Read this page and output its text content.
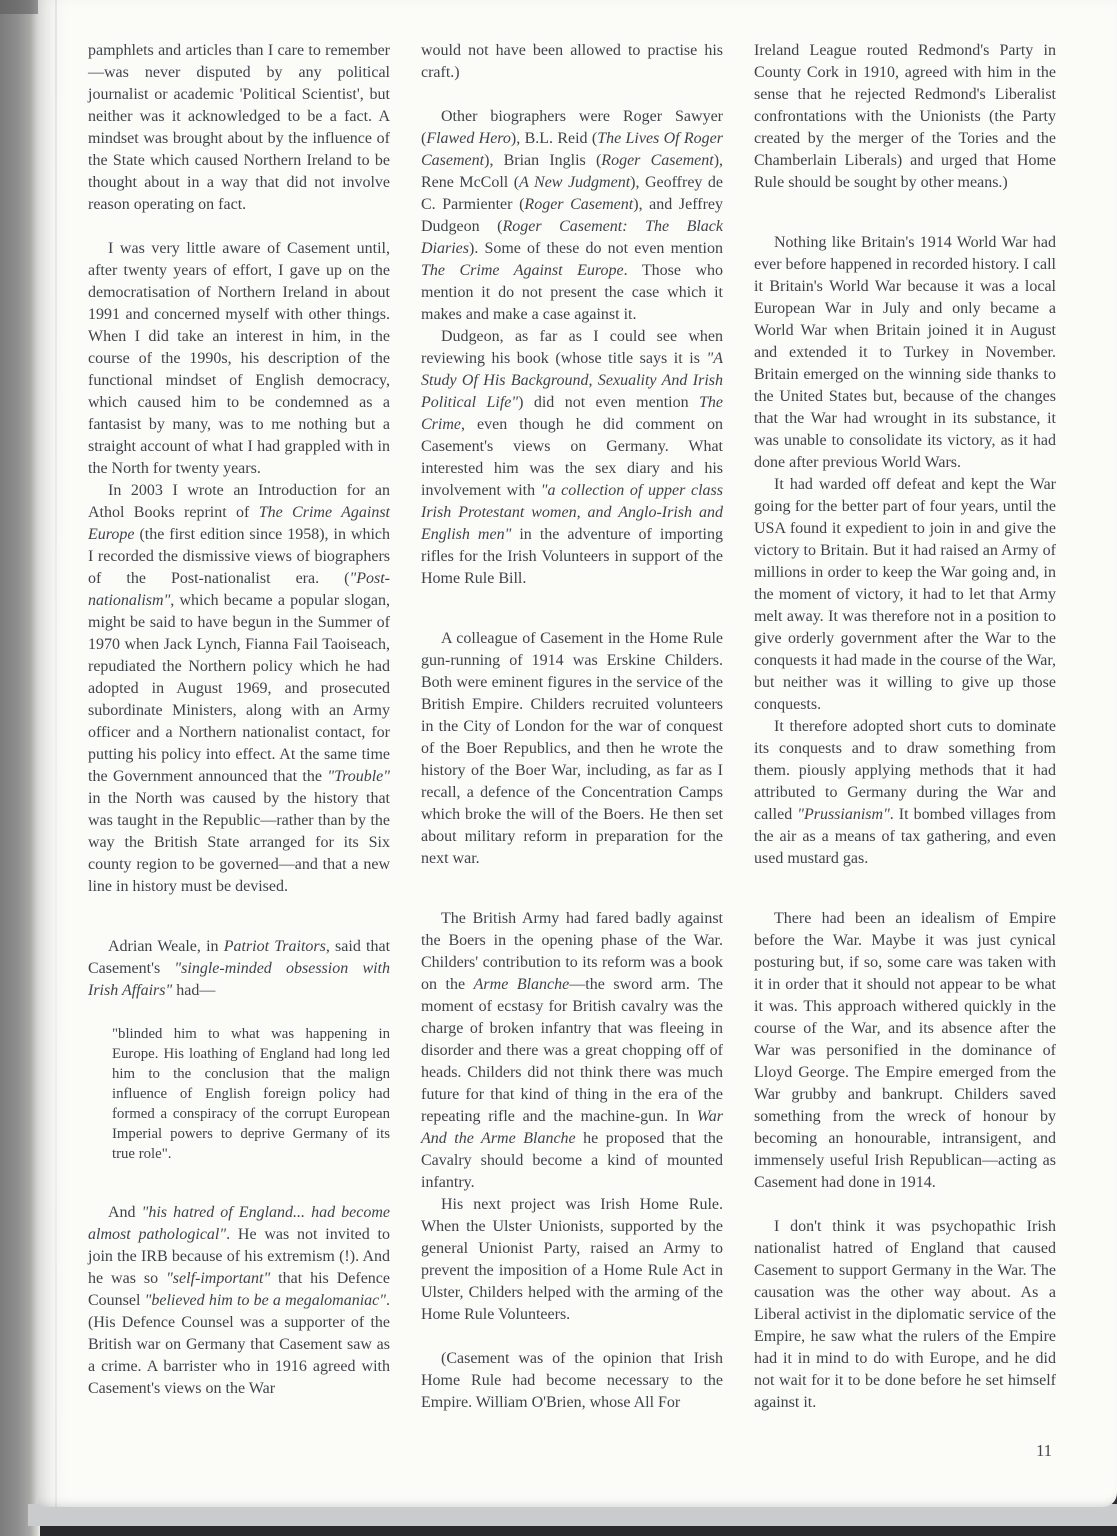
pamphlets and articles than I care to remember—was never disputed by any political journalist or academic 'Political Scientist', but neither was it acknowledged to be a fact. A mindset was brought about by the influence of the State which caused Northern Ireland to be thought about in a way that did not involve reason operating on fact.

I was very little aware of Casement until, after twenty years of effort, I gave up on the democratisation of Northern Ireland in about 1991 and concerned myself with other things. When I did take an interest in him, in the course of the 1990s, his description of the functional mindset of English democracy, which caused him to be condemned as a fantasist by many, was to me nothing but a straight account of what I had grappled with in the North for twenty years.

In 2003 I wrote an Introduction for an Athol Books reprint of The Crime Against Europe (the first edition since 1958), in which I recorded the dismissive views of biographers of the Post-nationalist era. ("Post-nationalism", which became a popular slogan, might be said to have begun in the Summer of 1970 when Jack Lynch, Fianna Fail Taoiseach, repudiated the Northern policy which he had adopted in August 1969, and prosecuted subordinate Ministers, along with an Army officer and a Northern nationalist contact, for putting his policy into effect. At the same time the Government announced that the "Trouble" in the North was caused by the history that was taught in the Republic—rather than by the way the British State arranged for its Six county region to be governed—and that a new line in history must be devised.

Adrian Weale, in Patriot Traitors, said that Casement's "single-minded obsession with Irish Affairs" had—

"blinded him to what was happening in Europe. His loathing of England had long led him to the conclusion that the malign influence of English foreign policy had formed a conspiracy of the corrupt European Imperial powers to deprive Germany of its true role".

And "his hatred of England... had become almost pathological". He was not invited to join the IRB because of his extremism (!). And he was so "self-important" that his Defence Counsel "believed him to be a megalomaniac". (His Defence Counsel was a supporter of the British war on Germany that Casement saw as a crime. A barrister who in 1916 agreed with Casement's views on the War

would not have been allowed to practise his craft.)

Other biographers were Roger Sawyer (Flawed Hero), B.L. Reid (The Lives Of Roger Casement), Brian Inglis (Roger Casement), Rene McColl (A New Judgment), Geoffrey de C. Parmienter (Roger Casement), and Jeffrey Dudgeon (Roger Casement: The Black Diaries). Some of these do not even mention The Crime Against Europe. Those who mention it do not present the case which it makes and make a case against it.

Dudgeon, as far as I could see when reviewing his book (whose title says it is "A Study Of His Background, Sexuality And Irish Political Life") did not even mention The Crime, even though he did comment on Casement's views on Germany. What interested him was the sex diary and his involvement with "a collection of upper class Irish Protestant women, and Anglo-Irish and English men" in the adventure of importing rifles for the Irish Volunteers in support of the Home Rule Bill.

A colleague of Casement in the Home Rule gun-running of 1914 was Erskine Childers. Both were eminent figures in the service of the British Empire. Childers recruited volunteers in the City of London for the war of conquest of the Boer Republics, and then he wrote the history of the Boer War, including, as far as I recall, a defence of the Concentration Camps which broke the will of the Boers. He then set about military reform in preparation for the next war.

The British Army had fared badly against the Boers in the opening phase of the War. Childers' contribution to its reform was a book on the Arme Blanche—the sword arm. The moment of ecstasy for British cavalry was the charge of broken infantry that was fleeing in disorder and there was a great chopping off of heads. Childers did not think there was much future for that kind of thing in the era of the repeating rifle and the machine-gun. In War And the Arme Blanche he proposed that the Cavalry should become a kind of mounted infantry.

His next project was Irish Home Rule. When the Ulster Unionists, supported by the general Unionist Party, raised an Army to prevent the imposition of a Home Rule Act in Ulster, Childers helped with the arming of the Home Rule Volunteers.

(Casement was of the opinion that Irish Home Rule had become necessary to the Empire. William O'Brien, whose All For

Ireland League routed Redmond's Party in County Cork in 1910, agreed with him in the sense that he rejected Redmond's Liberalist confrontations with the Unionists (the Party created by the merger of the Tories and the Chamberlain Liberals) and urged that Home Rule should be sought by other means.)

Nothing like Britain's 1914 World War had ever before happened in recorded history. I call it Britain's World War because it was a local European War in July and only became a World War when Britain joined it in August and extended it to Turkey in November. Britain emerged on the winning side thanks to the United States but, because of the changes that the War had wrought in its substance, it was unable to consolidate its victory, as it had done after previous World Wars.

It had warded off defeat and kept the War going for the better part of four years, until the USA found it expedient to join in and give the victory to Britain. But it had raised an Army of millions in order to keep the War going and, in the moment of victory, it had to let that Army melt away. It was therefore not in a position to give orderly government after the War to the conquests it had made in the course of the War, but neither was it willing to give up those conquests.

It therefore adopted short cuts to dominate its conquests and to draw something from them. piously applying methods that it had attributed to Germany during the War and called "Prussianism". It bombed villages from the air as a means of tax gathering, and even used mustard gas.

There had been an idealism of Empire before the War. Maybe it was just cynical posturing but, if so, some care was taken with it in order that it should not appear to be what it was. This approach withered quickly in the course of the War, and its absence after the War was personified in the dominance of Lloyd George. The Empire emerged from the War grubby and bankrupt. Childers saved something from the wreck of honour by becoming an honourable, intransigent, and immensely useful Irish Republican—acting as Casement had done in 1914.

I don't think it was psychopathic Irish nationalist hatred of England that caused Casement to support Germany in the War. The causation was the other way about. As a Liberal activist in the diplomatic service of the Empire, he saw what the rulers of the Empire had it in mind to do with Europe, and he did not wait for it to be done before he set himself against it.

11
